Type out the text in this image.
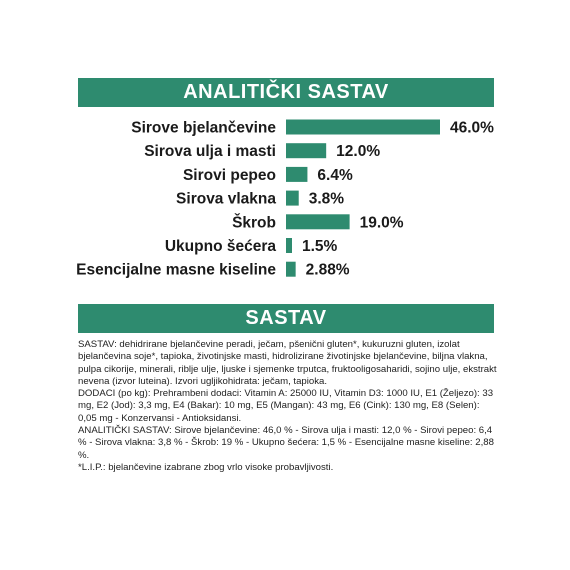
ANALITIČKI SASTAV
Sirove bjelančevine	46.0%
Sirova ulja i masti	12.0%
Sirovi pepeo	6.4%
Sirova vlakna 3.8%
Škrob	19.0%
Ukupno šećera 1.5%
Esencijalne masne kiseline 2.88%
SASTAV

SASTAV: dehidrirane bjelančevine peradi, ječam, pšenični gluten*, kukuruzni gluten, izolat bjelančevina soje*, tapioka, životinjske masti, hidrolizirane životinjske bjelančevine, biljna vlakna, pulpa cikorije, minerali, riblje ulje, ljuske i sjemenke trputca, fruktooligosaharidi, sojino ulje, ekstrakt nevena (izvor luteina). Izvori ugljikohidrata: ječam, tapioka.

DODACI (po kg): Prehrambeni dodaci: Vitamin A: 25000 IU, Vitamin D3: 1000 IU, E1 (Željezo): 33 mg, E2 (Jod): 3,3 mg, E4 (Bakar): 10 mg, E5 (Mangan): 43 mg, E6 (Cink): 130 mg, E8 (Selen): 0,05 mg - Konzervansi - Antioksidansi.

ANALITIČKI SASTAV: Sirove bjelančevine: 46,0 % - Sirova ulja i masti: 12,0 % - Sirovi pepeo: 6,4 % - Sirova vlakna: 3,8 % - Škrob: 19 % - Ukupno šećera: 1,5 % - Esencijalne masne kiseline: 2,88 %.

*L.I.P.: bjelančevine izabrane zbog vrlo visoke probavljivosti.
